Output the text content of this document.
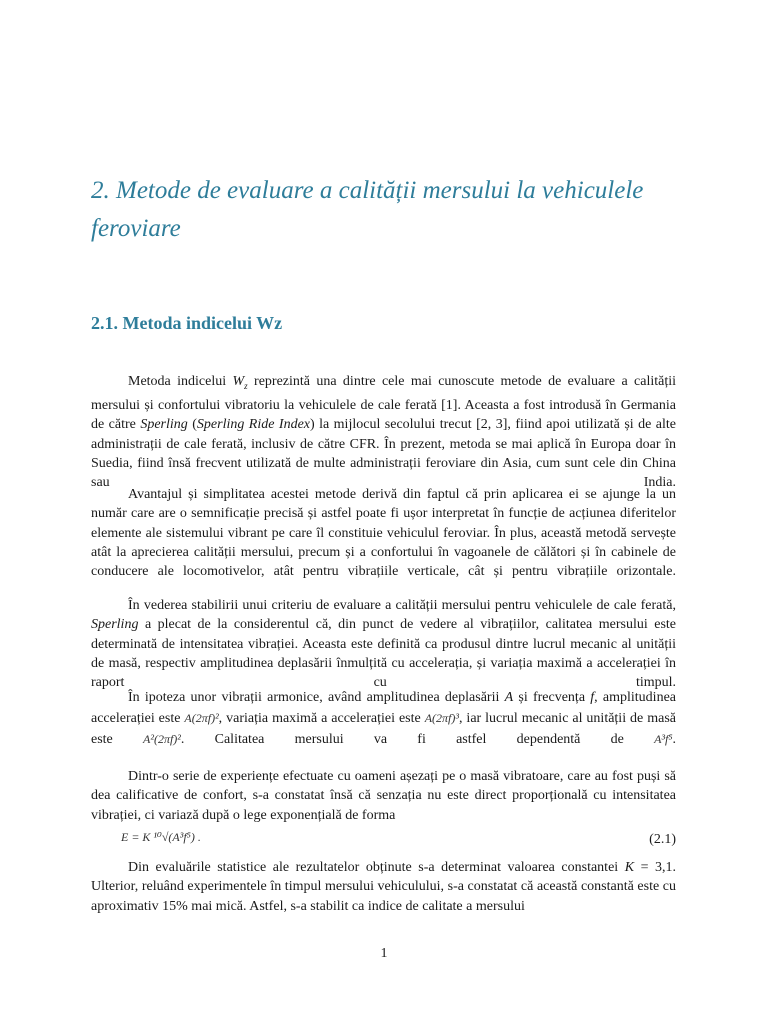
2. Metode de evaluare a calității mersului la vehiculele feroviare
2.1. Metoda indicelui Wz
Metoda indicelui $W_z$ reprezintă una dintre cele mai cunoscute metode de evaluare a calității mersului și confortului vibratoriu la vehiculele de cale ferată [1]. Aceasta a fost introdusă în Germania de către Sperling (Sperling Ride Index) la mijlocul secolului trecut [2, 3], fiind apoi utilizată și de alte administrații de cale ferată, inclusiv de către CFR. În prezent, metoda se mai aplică în Europa doar în Suedia, fiind însă frecvent utilizată de multe administrații feroviare din Asia, cum sunt cele din China sau India.
Avantajul și simplitatea acestei metode derivă din faptul că prin aplicarea ei se ajunge la un număr care are o semnificație precisă și astfel poate fi ușor interpretat în funcție de acțiunea diferitelor elemente ale sistemului vibrant pe care îl constituie vehiculul feroviar. În plus, această metodă servește atât la aprecierea calității mersului, precum și a confortului în vagoanele de călători și în cabinele de conducere ale locomotivelor, atât pentru vibrațiile verticale, cât și pentru vibrațiile orizontale.
În vederea stabilirii unui criteriu de evaluare a calității mersului pentru vehiculele de cale ferată, Sperling a plecat de la considerentul că, din punct de vedere al vibrațiilor, calitatea mersului este determinată de intensitatea vibrației. Aceasta este definită ca produsul dintre lucrul mecanic al unității de masă, respectiv amplitudinea deplasării înmulțită cu accelerația, și variația maximă a accelerației în raport cu timpul.
În ipoteza unor vibrații armonice, având amplitudinea deplasării A și frecvența f, amplitudinea accelerației este A(2πf)², variația maximă a accelerației este A(2πf)³, iar lucrul mecanic al unității de masă este A²(2πf)². Calitatea mersului va fi astfel dependentă de A³f⁵.
Dintr-o serie de experiențe efectuate cu oameni așezați pe o masă vibratoare, care au fost puși să dea calificative de confort, s-a constatat însă că senzația nu este direct proporțională cu intensitatea vibrației, ci variază după o lege exponențială de forma
E = K ¹⁰√(A³f⁵) .	(2.1)
Din evaluările statistice ale rezultatelor obținute s-a determinat valoarea constantei K = 3,1. Ulterior, reluând experimentele în timpul mersului vehiculului, s-a constatat că această constantă este cu aproximativ 15% mai mică. Astfel, s-a stabilit ca indice de calitate a mersului
1
